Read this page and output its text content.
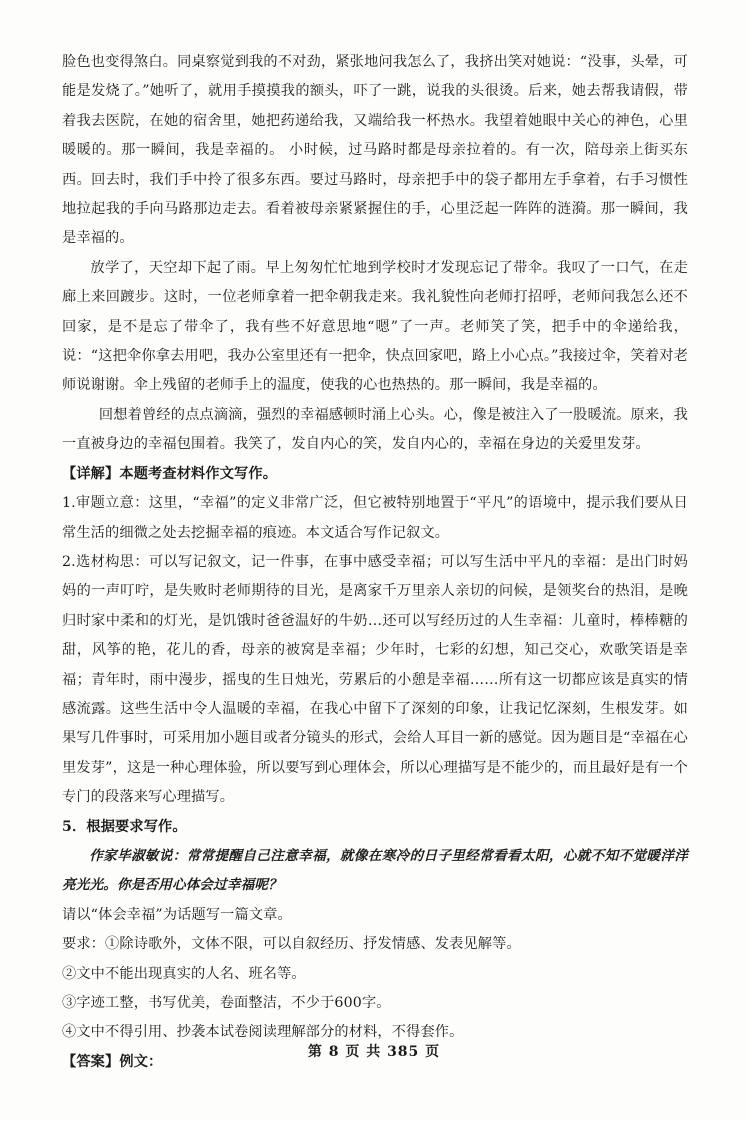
脸色也变得煞白。同桌察觉到我的不对劲，紧张地问我怎么了，我挤出笑对她说：“没事，头晕，可能是发烧了。”她听了，就用手摸摸我的额头，吓了一跳，说我的头很烫。后来，她去帮我请假，带着我去医院，在她的宿舍里，她把药递给我，又端给我一杯热水。我望着她眼中关心的神色，心里暖暖的。那一瞬间，我是幸福的。 小时候，过马路时都是母亲拉着的。有一次，陪母亲上街买东西。回去时，我们手中拎了很多东西。要过马路时，母亲把手中的袋子都用左手拿着，右手习惯性地拉起我的手向马路那边走去。看着被母亲紧紧握住的手，心里泛起一阵阵的涟漪。那一瞬间，我是幸福的。

放学了，天空却下起了雨。早上匆匆忙忙地到学校时才发现忘记了带伞。我叹了一口气，在走廊上来回踱步。这时，一位老师拿着一把伞朝我走来。我礼貌性向老师打招呼，老师问我怎么还不回家，是不是忘了带伞了，我有些不好意思地“嗯”了一声。老师笑了笑，把手中的伞递给我，说：“这把伞你拿去用吧，我办公室里还有一把伞，快点回家吧，路上小心点。”我接过伞，笑着对老师说谢谢。伞上残留的老师手上的温度，使我的心也热热的。那一瞬间，我是幸福的。

回想着曾经的点点滴滴，强烈的幸福感顿时涌上心头。心，像是被注入了一股暖流。原来，我一直被身边的幸福包围着。我笑了，发自内心的笑，发自内心的，幸福在身边的关爱里发芽。

【详解】本题考查材料作文写作。

1.审题立意：这里，“幸福”的定义非常广泛，但它被特别地置于“平凡”的语境中，提示我们要从日常生活的细微之处去挖掘幸福的痕迹。本文适合写作记叙文。

2.选材构思：可以写记叙文，记一件事，在事中感受幸福；可以写生活中平凡的幸福：是出门时妈妈的一声叮咛，是失败时老师期待的目光，是离家千万里亲人亲切的问候，是领奖台的热泪，是晚归时家中柔和的灯光，是饥饿时爸爸温好的牛奶…还可以写经历过的人生幸福：儿童时，棒棒糖的甜，风筝的艳，花儿的香，母亲的被窝是幸福；少年时，七彩的幻想，知己交心，欢歌笑语是幸福；青年时，雨中漫步，摇曳的生日烛光，劳累后的小憩是幸福……所有这一切都应该是真实的情感流露。这些生活中令人温暖的幸福，在我心中留下了深刻的印象，让我记忆深刻，生根发芽。如果写几件事时，可采用加小题目或者分镜头的形式，会给人耳目一新的感觉。因为题目是“幸福在心里发芽”，这是一种心理体验，所以要写到心理体会，所以心理描写是不能少的，而且最好是有一个专门的段落来写心理描写。

5．根据要求写作。

作家毕淑敏说：常常提醒自己注意幸福，就像在寒冷的日子里经常看看太阳，心就不知不觉暖洋洋亮光光。你是否用心体会过幸福呢？

请以“体会幸福”为话题写一篇文章。

要求：①除诗歌外，文体不限，可以自叙经历、抒发情感、发表见解等。

②文中不能出现真实的人名、班名等。

③字迹工整，书写优美，卷面整洁，不少于600字。

④文中不得引用、抄袭本试卷阅读理解部分的材料，不得套作。

【答案】例文：

第 8 页 共 385 页
